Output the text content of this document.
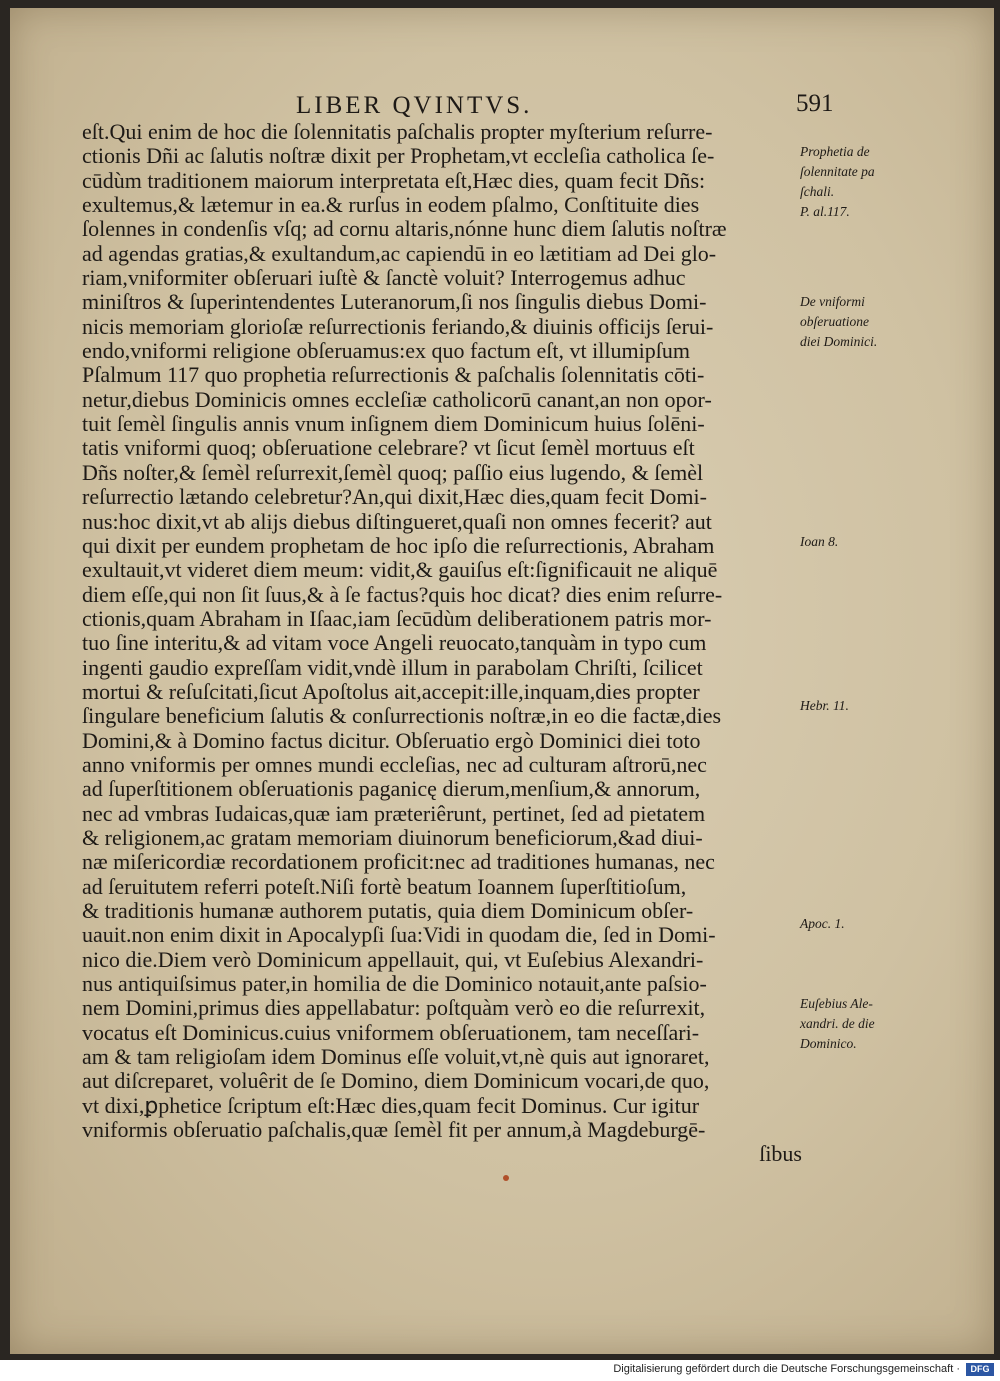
LIBER QVINTVS.	591
eſt.Qui enim de hoc die ſolennitatis paſchalis propter myſterium reſurre-
ctionis Dñi ac ſalutis noſtræ dixit per Prophetam,vt eccleſia catholica ſe-
cūdùm traditionem maiorum interpretata eſt,Hæc dies, quam fecit Dñs:
exultemus,& lætemur in ea.& rurſus in eodem pſalmo, Conſtituite dies
ſolennes in condenſis vſq; ad cornu altaris,nónne hunc diem ſalutis noſtræ
ad agendas gratias,& exultandum,ac capiendū in eo lætitiam ad Dei glo-
riam,vniformiter obſeruari iuſtè & ſanctè voluit? Interrogemus adhuc
miniſtros & ſuperintendentes Luteranorum,ſi nos ſingulis diebus Domi-
nicis memoriam glorioſæ reſurrectionis feriando,& diuinis officijs ſerui-
endo,vniformi religione obſeruamus:ex quo factum eſt, vt illumipſum
Pſalmum 117 quo prophetia reſurrectionis & paſchalis ſolennitatis cōti-
netur,diebus Dominicis omnes eccleſiæ catholicorū canant,an non opor-
tuit ſemèl ſingulis annis vnum inſignem diem Dominicum huius ſolēni-
tatis vniformi quoq; obſeruatione celebrare? vt ſicut ſemèl mortuus eſt
Dñs noſter,& ſemèl reſurrexit,ſemèl quoq; paſſio eius lugendo, & ſemèl
reſurrectio lætando celebretur?An,qui dixit,Hæc dies,quam fecit Domi-
nus:hoc dixit,vt ab alijs diebus diſtingueret,quaſi non omnes fecerit? aut
qui dixit per eundem prophetam de hoc ipſo die reſurrectionis, Abraham
exultauit,vt videret diem meum: vidit,& gauiſus eſt:ſignificauit ne aliquē
diem eſſe,qui non ſit ſuus,& à ſe factus?quis hoc dicat? dies enim reſurre-
ctionis,quam Abraham in Iſaac,iam ſecūdùm deliberationem patris mor-
tuo ſine interitu,& ad vitam voce Angeli reuocato,tanquàm in typo cum
ingenti gaudio expreſſam vidit,vndè illum in parabolam Chriſti, ſcilicet
mortui & reſuſcitati,ſicut Apoſtolus ait,accepit:ille,inquam,dies propter
ſingulare beneficium ſalutis & conſurrectionis noſtræ,in eo die factæ,dies
Domini,& à Domino factus dicitur. Obſeruatio ergò Dominici diei toto
anno vniformis per omnes mundi eccleſias, nec ad culturam aſtrorū,nec
ad ſuperſtitionem obſeruationis paganicę dierum,menſium,& annorum,
nec ad vmbras Iudaicas,quæ iam præteriêrunt, pertinet, ſed ad pietatem
& religionem,ac gratam memoriam diuinorum beneficiorum,&ad diui-
næ miſericordiæ recordationem proficit:nec ad traditiones humanas, nec
ad ſeruitutem referri poteſt.Niſi fortè beatum Ioannem ſuperſtitioſum,
& traditionis humanæ authorem putatis, quia diem Dominicum obſer-
uauit.non enim dixit in Apocalypſi ſua:Vidi in quodam die, ſed in Domi-
nico die.Diem verò Dominicum appellauit, qui, vt Euſebius Alexandri-
nus antiquiſsimus pater,in homilia de die Dominico notauit,ante paſsio-
nem Domini,primus dies appellabatur: poſtquàm verò eo die reſurrexit,
vocatus eſt Dominicus.cuius vniformem obſeruationem, tam neceſſari-
am & tam religioſam idem Dominus eſſe voluit,vt,nè quis aut ignoraret,
aut diſcreparet, voluêrit de ſe Domino, diem Dominicum vocari,de quo,
vt dixi,ꝑphetice ſcriptum eſt:Hæc dies,quam fecit Dominus. Cur igitur
vniformis obſeruatio paſchalis,quæ ſemèl fit per annum,à Magdeburgē-
ſibus
Prophetia de
ſolennitate pa
ſchali.
P. al.117.
De vniformi
obſeruatione
diei Dominici.
Ioan 8.
Hebr. 11.
Apoc. 1.
Euſebius Ale-
xandri. de die
Dominico.
Digitalisierung gefördert durch die Deutsche Forschungsgemeinschaft ·	DFG
